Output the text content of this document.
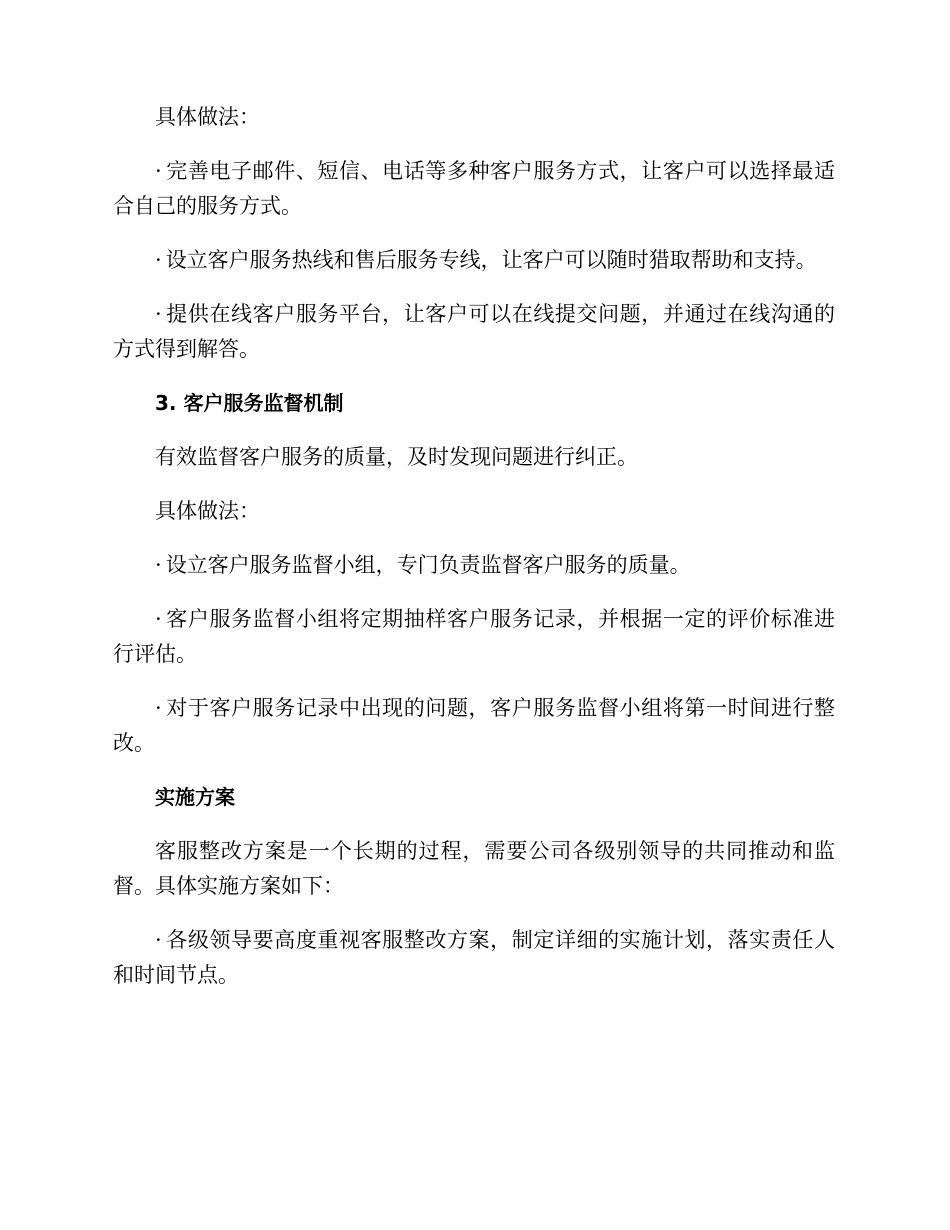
具体做法：

· 完善电子邮件、短信、电话等多种客户服务方式，让客户可以选择最适合自己的服务方式。

· 设立客户服务热线和售后服务专线，让客户可以随时猎取帮助和支持。

· 提供在线客户服务平台，让客户可以在线提交问题，并通过在线沟通的方式得到解答。

3. 客户服务监督机制

有效监督客户服务的质量，及时发现问题进行纠正。

具体做法：

· 设立客户服务监督小组，专门负责监督客户服务的质量。

· 客户服务监督小组将定期抽样客户服务记录，并根据一定的评价标准进行评估。

· 对于客户服务记录中出现的问题，客户服务监督小组将第一时间进行整改。

实施方案

客服整改方案是一个长期的过程，需要公司各级别领导的共同推动和监督。具体实施方案如下：

· 各级领导要高度重视客服整改方案，制定详细的实施计划，落实责任人和时间节点。
